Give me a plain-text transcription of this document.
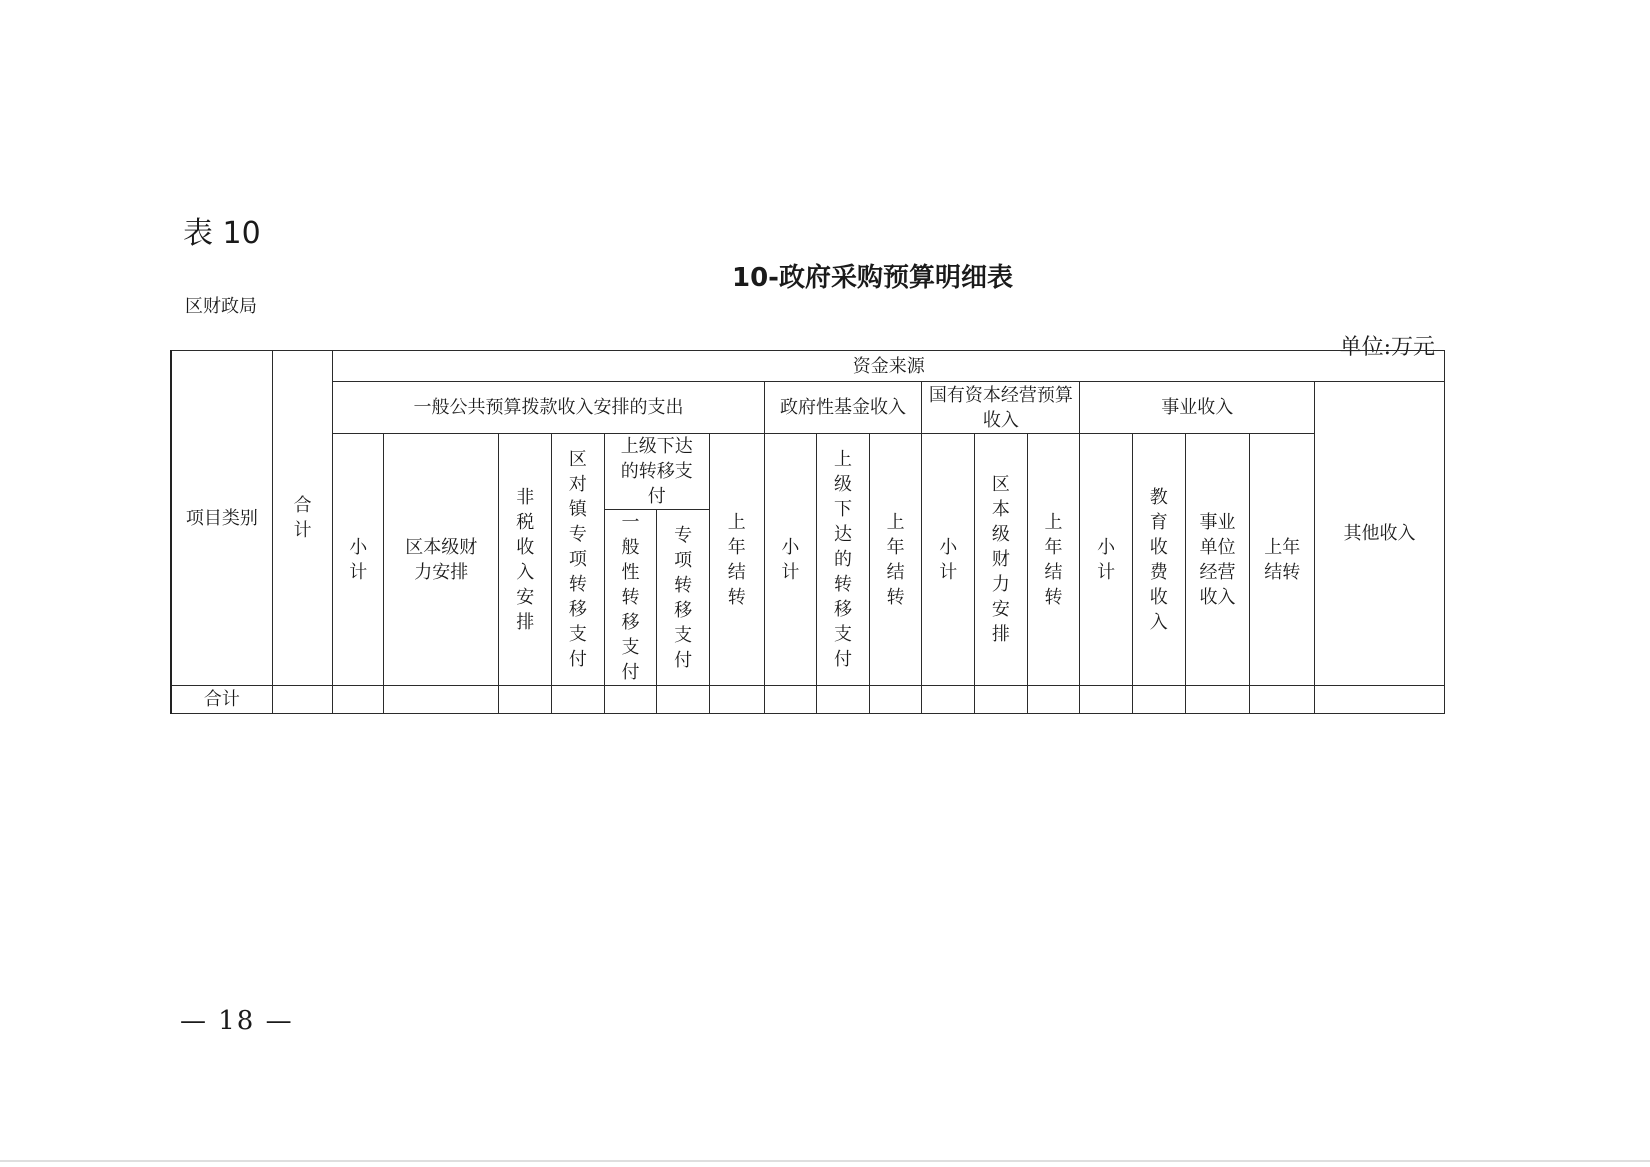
表 10
10-政府采购预算明细表
区财政局
单位:万元
项目类别	合计	资金来源																	
		一般公共预算拨款收入安排的支出							政府性基金收入			国有资本经营预算收入			事业收入				其他收入
		小计	区本级财力安排	非税收入安排	区对镇专项转移支付	上级下达的转移支付		上年结转	小计	上级下达的转移支付	上年结转	小计	区本级财力安排	上年结转	小计	教育收费收入	事业单位经营收入	上年结转	
						一般性转移支付	专项转移支付												
合计																			
— 18 —
